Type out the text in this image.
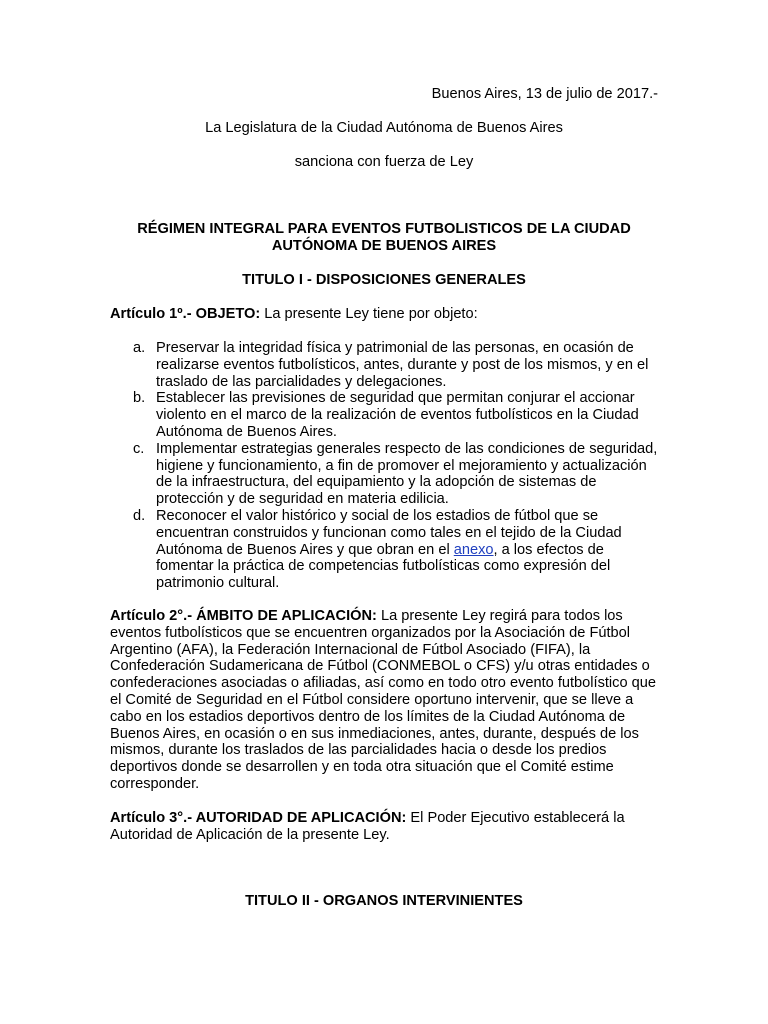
Buenos Aires, 13 de julio de 2017.-
La Legislatura de la Ciudad Autónoma de Buenos Aires
sanciona con fuerza de Ley
RÉGIMEN INTEGRAL PARA EVENTOS FUTBOLISTICOS DE LA CIUDAD AUTÓNOMA DE BUENOS AIRES
TITULO I - DISPOSICIONES GENERALES
Artículo 1º.- OBJETO: La presente Ley tiene por objeto:
a. Preservar la integridad física y patrimonial de las personas, en ocasión de realizarse eventos futbolísticos, antes, durante y post de los mismos, y en el traslado de las parcialidades y delegaciones.
b. Establecer las previsiones de seguridad que permitan conjurar el accionar violento en el marco de la realización de eventos futbolísticos en la Ciudad Autónoma de Buenos Aires.
c. Implementar estrategias generales respecto de las condiciones de seguridad, higiene y funcionamiento, a fin de promover el mejoramiento y actualización de la infraestructura, del equipamiento y la adopción de sistemas de protección y de seguridad en materia edilicia.
d. Reconocer el valor histórico y social de los estadios de fútbol que se encuentran construidos y funcionan como tales en el tejido de la Ciudad Autónoma de Buenos Aires y que obran en el anexo, a los efectos de fomentar la práctica de competencias futbolísticas como expresión del patrimonio cultural.
Artículo 2°.- ÁMBITO DE APLICACIÓN: La presente Ley regirá para todos los eventos futbolísticos que se encuentren organizados por la Asociación de Fútbol Argentino (AFA), la Federación Internacional de Fútbol Asociado (FIFA), la Confederación Sudamericana de Fútbol (CONMEBOL o CFS) y/u otras entidades o confederaciones asociadas o afiliadas, así como en todo otro evento futbolístico que el Comité de Seguridad en el Fútbol considere oportuno intervenir, que se lleve a cabo en los estadios deportivos dentro de los límites de la Ciudad Autónoma de Buenos Aires, en ocasión o en sus inmediaciones, antes, durante, después de los mismos, durante los traslados de las parcialidades hacia o desde los predios deportivos donde se desarrollen y en toda otra situación que el Comité estime corresponder.
Artículo 3°.- AUTORIDAD DE APLICACIÓN: El Poder Ejecutivo establecerá la Autoridad de Aplicación de la presente Ley.
TITULO II - ORGANOS INTERVINIENTES
